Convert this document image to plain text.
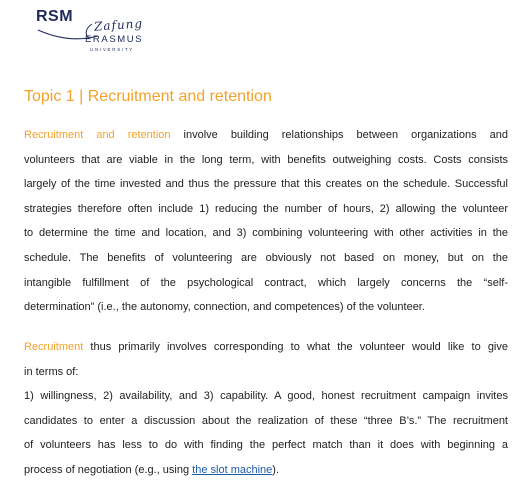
RSM Zafung
ERASMUS
UNIVERSITY
Topic 1 | Recruitment and retention
Recruitment and retention involve building relationships between organizations and
volunteers that are viable in the long term, with benefits outweighing costs. Costs consists
largely of the time invested and thus the pressure that this creates on the schedule. Successful
strategies therefore often include 1) reducing the number of hours, 2) allowing the volunteer
to determine the time and location, and 3) combining volunteering with other activities in the
schedule. The benefits of volunteering are obviously not based on money, but on the
intangible fulfillment of the psychological contract, which largely concerns the “self-
determination” (i.e., the autonomy, connection, and competences) of the volunteer.
Recruitment thus primarily involves corresponding to what the volunteer would like to give
in terms of:
1) willingness, 2) availability, and 3) capability. A good, honest recruitment campaign invites
candidates to enter a discussion about the realization of these “three B’s.” The recruitment
of volunteers has less to do with finding the perfect match than it does with beginning a
process of negotiation (e.g., using the slot machine).
